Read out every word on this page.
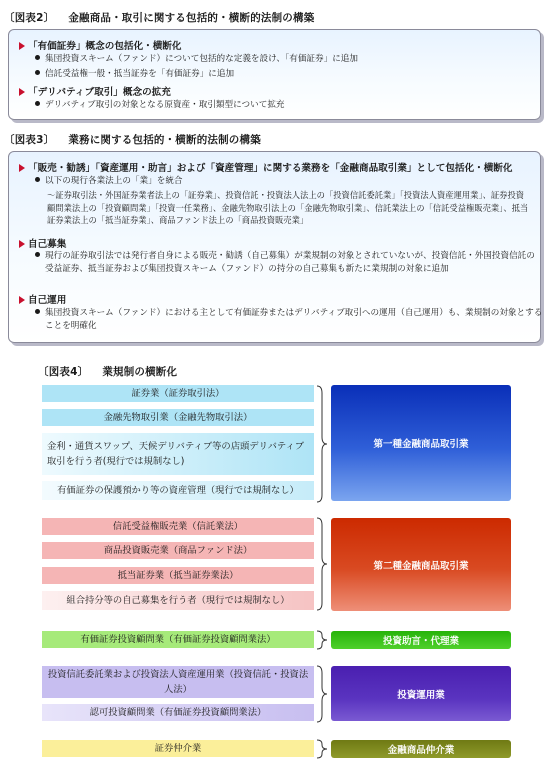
〔図表2〕 金融商品・取引に関する包括的・横断的法制の構築
「有価証券」概念の包括化・横断化
集団投資スキーム（ファンド）について包括的な定義を設け、「有価証券」に追加
信託受益権一般・抵当証券を「有価証券」に追加
「デリバティブ取引」概念の拡充
デリバティブ取引の対象となる原資産・取引類型について拡充
〔図表3〕 業務に関する包括的・横断的法制の構築
「販売・勧誘」「資産運用・助言」および「資産管理」に関する業務を「金融商品取引業」として包括化・横断化
以下の現行各業法上の「業」を統合
～証券取引法・外国証券業者法上の「証券業」、投資信託・投資法人法上の「投資信託委託業」「投資法人資産運用業」、証券投資顧問業法上の「投資顧問業」「投資一任業務」、金融先物取引法上の「金融先物取引業」、信託業法上の「信託受益権販売業」、抵当証券業法上の「抵当証券業」、商品ファンド法上の「商品投資販売業」
自己募集
現行の証券取引法では発行者自身による販売・勧誘（自己募集）が業規制の対象とされていないが、投資信託・外国投資信託の受益証券、抵当証券および集団投資スキーム（ファンド）の持分の自己募集も新たに業規制の対象に追加
自己運用
集団投資スキーム（ファンド）における主として有価証券またはデリバティブ取引への運用（自己運用）も、業規制の対象とすることを明確化
〔図表4〕 業規制の横断化
証券業（証券取引法）
金融先物取引業（金融先物取引法）
金利・通貨スワップ、天候デリバティブ等の店頭デリバティブ取引を行う者(現行では規制なし)
有価証券の保護預かり等の資産管理（現行では規制なし）
第一種金融商品取引業
信託受益権販売業（信託業法）
商品投資販売業（商品ファンド法）
抵当証券業（抵当証券業法）
組合持分等の自己募集を行う者（現行では規制なし）
第二種金融商品取引業
有価証券投資顧問業（有価証券投資顧問業法）	投資助言・代理業
投資信託委託業および投資法人資産運用業（投資信託・投資法人法）
認可投資顧問業（有価証券投資顧問業法）
投資運用業
証券仲介業	金融商品仲介業
